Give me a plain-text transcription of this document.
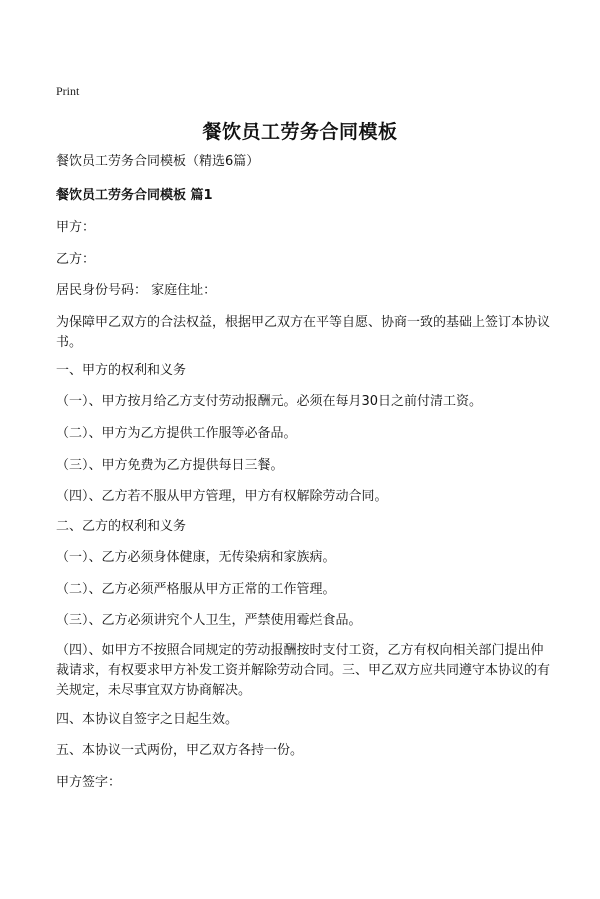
Print
餐饮员工劳务合同模板
餐饮员工劳务合同模板（精选6篇）
餐饮员工劳务合同模板 篇1
甲方：
乙方：
居民身份号码： 家庭住址：
为保障甲乙双方的合法权益，根据甲乙双方在平等自愿、协商一致的基础上签订本协议书。
一、甲方的权利和义务
（一）、甲方按月给乙方支付劳动报酬元。必须在每月30日之前付清工资。
（二）、甲方为乙方提供工作服等必备品。
（三）、甲方免费为乙方提供每日三餐。
（四）、乙方若不服从甲方管理，甲方有权解除劳动合同。
二、乙方的权利和义务
（一）、乙方必须身体健康，无传染病和家族病。
（二）、乙方必须严格服从甲方正常的工作管理。
（三）、乙方必须讲究个人卫生，严禁使用霉烂食品。
（四）、如甲方不按照合同规定的劳动报酬按时支付工资，乙方有权向相关部门提出仲裁请求，有权要求甲方补发工资并解除劳动合同。三、甲乙双方应共同遵守本协议的有关规定，未尽事宜双方协商解决。
四、本协议自签字之日起生效。
五、本协议一式两份，甲乙双方各持一份。
甲方签字：
